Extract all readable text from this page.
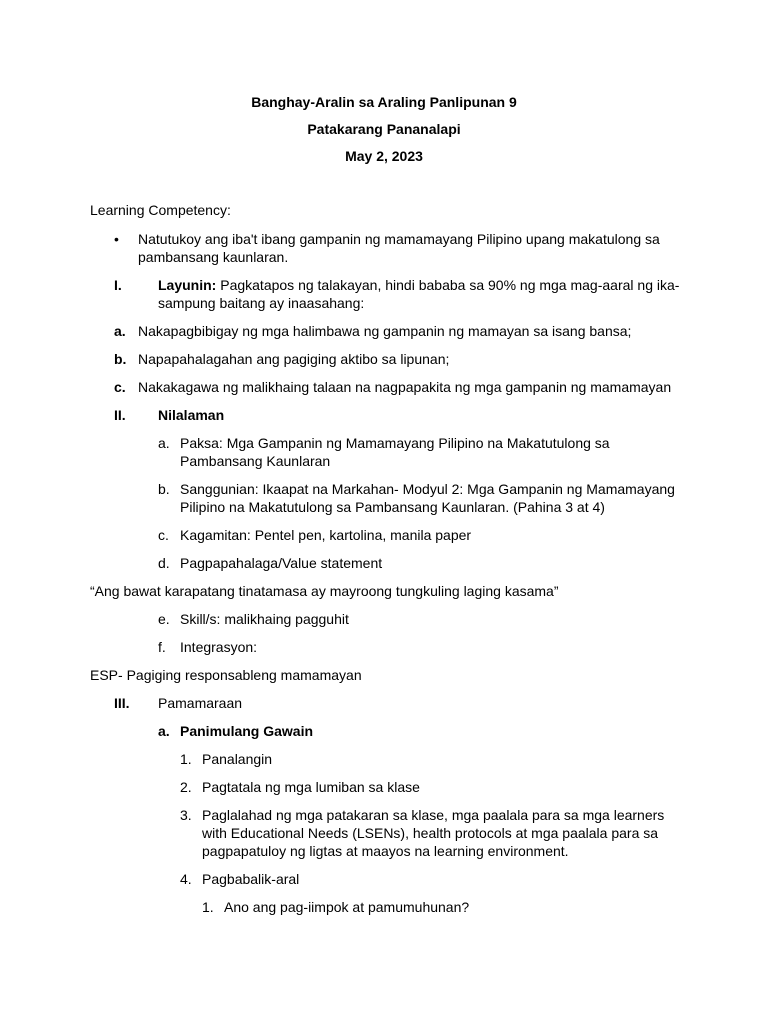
Banghay-Aralin sa Araling Panlipunan 9
Patakarang Pananalapi
May 2, 2023
Learning Competency:
• Natutukoy ang iba't ibang gampanin ng mamamayang Pilipino upang makatulong sa
pambansang kaunlaran.
I.	Layunin: Pagkatapos ng talakayan, hindi bababa sa 90% ng mga mag-aaral ng ika-
sampung baitang ay inaasahang:
a. Nakapagbibigay ng mga halimbawa ng gampanin ng mamayan sa isang bansa;
b. Napapahalagahan ang pagiging aktibo sa lipunan;
c. Nakakagawa ng malikhaing talaan na nagpapakita ng mga gampanin ng mamamayan
II. Nilalaman
a. Paksa: Mga Gampanin ng Mamamayang Pilipino na Makatutulong sa
Pambansang Kaunlaran
b. Sanggunian: Ikaapat na Markahan- Modyul 2: Mga Gampanin ng Mamamayang
Pilipino na Makatutulong sa Pambansang Kaunlaran. (Pahina 3 at 4)
c. Kagamitan: Pentel pen, kartolina, manila paper
d. Pagpapahalaga/Value statement
“Ang bawat karapatang tinatamasa ay mayroong tungkuling laging kasama”
e. Skill/s: malikhaing pagguhit
f. Integrasyon:
ESP- Pagiging responsableng mamamayan
III. Pamamaraan
a. Panimulang Gawain
1. Panalangin
2. Pagtatala ng mga lumiban sa klase
3. Paglalahad ng mga patakaran sa klase, mga paalala para sa mga learners
with Educational Needs (LSENs), health protocols at mga paalala para sa
pagpapatuloy ng ligtas at maayos na learning environment.
4. Pagbabalik-aral
1. Ano ang pag-iimpok at pamumuhunan?
